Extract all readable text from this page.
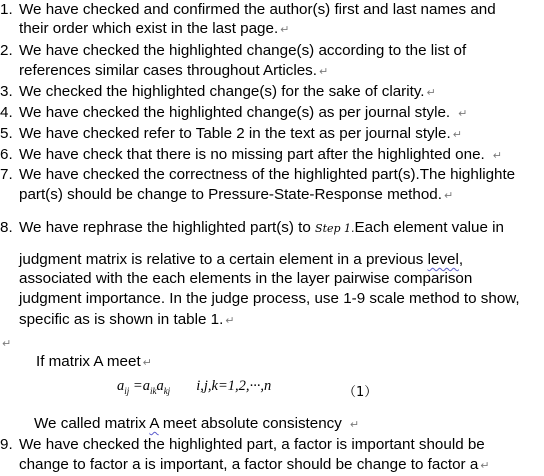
1. We have checked and confirmed the author(s) first and last names and
their order which exist in the last page. ↵
2. We have checked the highlighted change(s) according to the list of
references similar cases throughout Articles. ↵
3. We checked the highlighted change(s) for the sake of clarity. ↵
4. We have checked the highlighted change(s) as per journal style. ↵
5. We have checked refer to Table 2 in the text as per journal style. ↵
6. We have check that there is no missing part after the highlighted one. ↵
7. We have checked the correctness of the highlighted part(s).The highlighte
part(s) should be change to Pressure-State-Response method. ↵
8. We have rephrase the highlighted part(s) to Step 1.Each element value in
judgment matrix is relative to a certain element in a previous level,
associated with the each elements in the layer pairwise comparison
judgment importance. In the judge process, use 1-9 scale method to show,
specific as is shown in table 1. ↵
↵
If matrix A meet ↵
$a_{ij} =a_{ik}a_{kj}$ i,j,k=1,2,···,n	（1）
We called matrix A meet absolute consistency ↵
9. We have checked the highlighted part, a factor is important should be
change to factor a is important, a factor should be change to factor a ↵
